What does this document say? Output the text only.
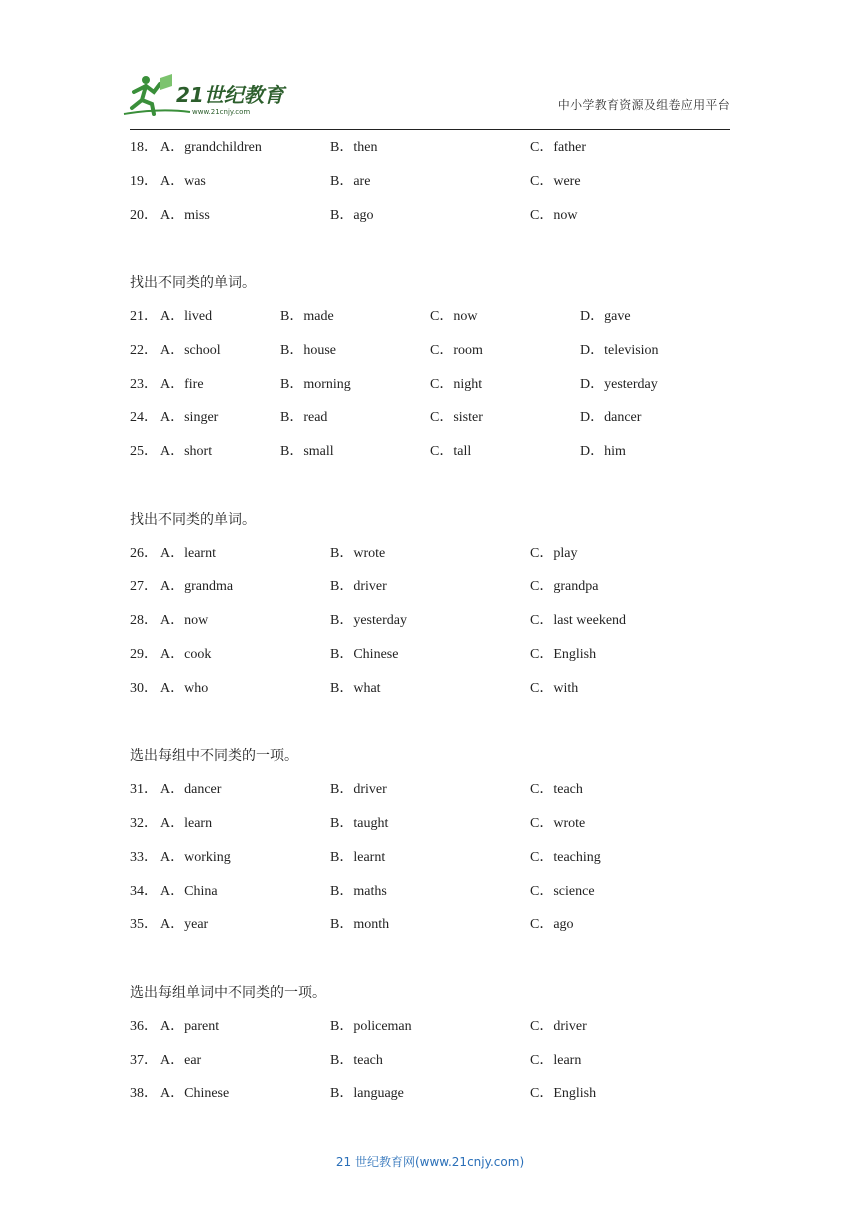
21世纪教育
www.21cnjy.com	中小学教育资源及组卷应用平台
18． A．grandchildren	B．then	C．father
19． A．was	B．are	C．were
20． A．miss	B．ago	C．now
找出不同类的单词。
21． A．lived	B．made	C．now	D．gave
22． A．school	B．house	C．room	D．television
23． A．fire	B．morning	C．night	D．yesterday
24． A．singer	B．read	C．sister	D．dancer
25． A．short	B．small	C．tall	D．him
找出不同类的单词。
26． A．learnt	B．wrote	C．play
27． A．grandma	B．driver	C．grandpa
28． A．now	B．yesterday	C．last weekend
29． A．cook	B．Chinese	C．English
30． A．who	B．what	C．with
选出每组中不同类的一项。
31． A．dancer	B．driver	C．teach
32． A．learn	B．taught	C．wrote
33． A．working	B．learnt	C．teaching
34． A．China	B．maths	C．science
35． A．year	B．month	C．ago
选出每组单词中不同类的一项。
36． A．parent	B．policeman	C．driver
37． A．ear	B．teach	C．learn
38． A．Chinese	B．language	C．English
21 世纪教育网(www.21cnjy.com)
